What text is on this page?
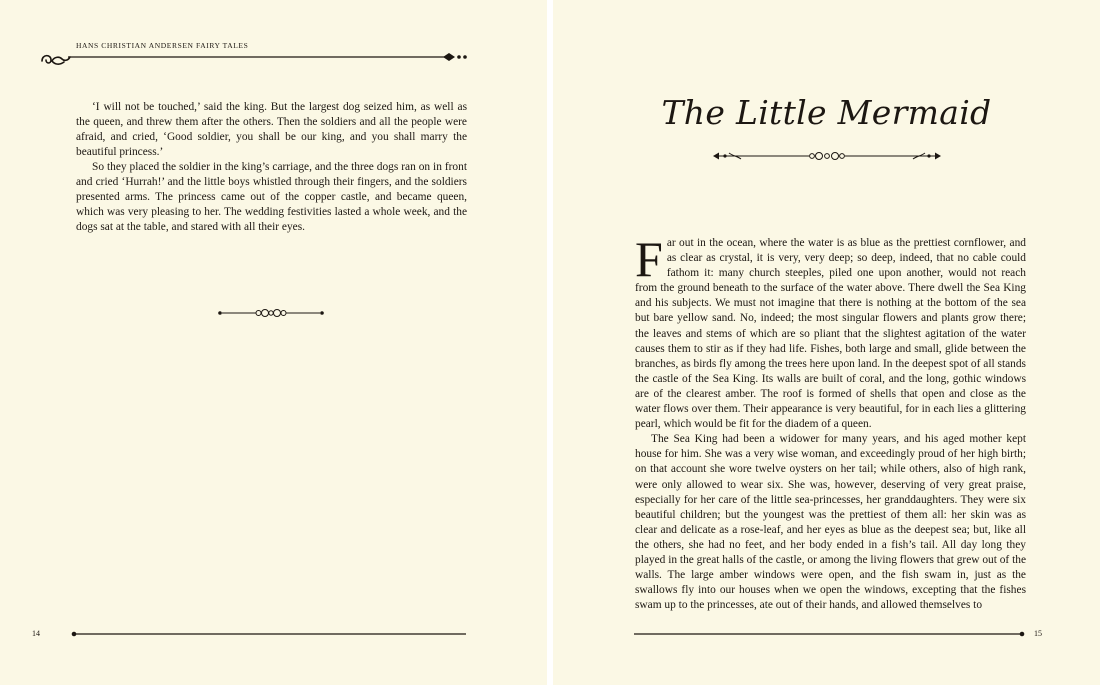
HANS CHRISTIAN ANDERSEN FAIRY TALES

‘I will not be touched,’ said the king. But the largest dog seized him, as well as the queen, and threw them after the others. Then the soldiers and all the people were afraid, and cried, ‘Good soldier, you shall be our king, and you shall marry the beautiful princess.’

So they placed the soldier in the king’s carriage, and the three dogs ran on in front and cried ‘Hurrah!’ and the little boys whistled through their fingers, and the soldiers presented arms. The princess came out of the copper castle, and became queen, which was very pleasing to her. The wedding festivities lasted a whole week, and the dogs sat at the table, and stared with all their eyes.

The Little Mermaid

Far out in the ocean, where the water is as blue as the prettiest cornflower, and as clear as crystal, it is very, very deep; so deep, indeed, that no cable could fathom it: many church steeples, piled one upon another, would not reach from the ground beneath to the surface of the water above. There dwell the Sea King and his subjects. We must not imagine that there is nothing at the bottom of the sea but bare yellow sand. No, indeed; the most singular flowers and plants grow there; the leaves and stems of which are so pliant that the slightest agitation of the water causes them to stir as if they had life. Fishes, both large and small, glide between the branches, as birds fly among the trees here upon land. In the deepest spot of all stands the castle of the Sea King. Its walls are built of coral, and the long, gothic windows are of the clearest amber. The roof is formed of shells that open and close as the water flows over them. Their appearance is very beautiful, for in each lies a glittering pearl, which would be fit for the diadem of a queen.

The Sea King had been a widower for many years, and his aged mother kept house for him. She was a very wise woman, and exceedingly proud of her high birth; on that account she wore twelve oysters on her tail; while others, also of high rank, were only allowed to wear six. She was, however, deserving of very great praise, especially for her care of the little sea-princesses, her granddaughters. They were six beautiful children; but the youngest was the prettiest of them all: her skin was as clear and delicate as a rose-leaf, and her eyes as blue as the deepest sea; but, like all the others, she had no feet, and her body ended in a fish’s tail. All day long they played in the great halls of the castle, or among the living flowers that grew out of the walls. The large amber windows were open, and the fish swam in, just as the swallows fly into our houses when we open the windows, excepting that the fishes swam up to the princesses, ate out of their hands, and allowed themselves to

14	15
